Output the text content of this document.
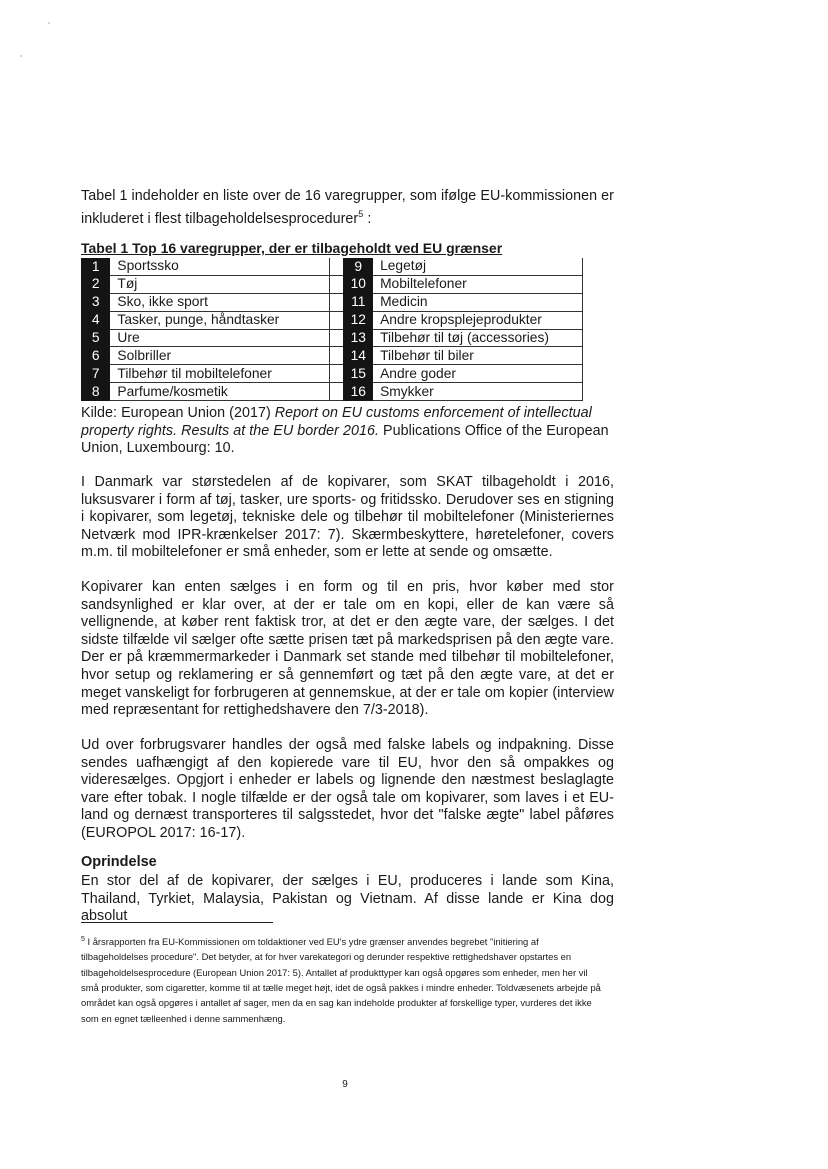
Tabel 1 indeholder en liste over de 16 varegrupper, som ifølge EU-kommissionen er inkluderet i flest tilbageholdelsesprocedurer$^5$ :

Tabel 1 Top 16 varegrupper, der er tilbageholdt ved EU grænser
1	Sportssko		9	Legetøj
2	Tøj		10	Mobiltelefoner
3	Sko, ikke sport		11	Medicin
4	Tasker, punge, håndtasker		12	Andre kropsplejeprodukter
5	Ure		13	Tilbehør til tøj (accessories)
6	Solbriller		14	Tilbehør til biler
7	Tilbehør til mobiltelefoner		15	Andre goder
8	Parfume/kosmetik		16	Smykker

Kilde: European Union (2017) Report on EU customs enforcement of intellectual property rights. Results at the EU border 2016. Publications Office of the European Union, Luxembourg: 10.

I Danmark var størstedelen af de kopivarer, som SKAT tilbageholdt i 2016, luksusvarer i form af tøj, tasker, ure sports- og fritidssko. Derudover ses en stigning i kopivarer, som legetøj, tekniske dele og tilbehør til mobiltelefoner (Ministeriernes Netværk mod IPR-krænkelser 2017: 7). Skærmbeskyttere, høretelefoner, covers m.m. til mobiltelefoner er små enheder, som er lette at sende og omsætte.

Kopivarer kan enten sælges i en form og til en pris, hvor køber med stor sandsynlighed er klar over, at der er tale om en kopi, eller de kan være så vellignende, at køber rent faktisk tror, at det er den ægte vare, der sælges. I det sidste tilfælde vil sælger ofte sætte prisen tæt på markedsprisen på den ægte vare. Der er på kræmmermarkeder i Danmark set stande med tilbehør til mobiltelefoner, hvor setup og reklamering er så gennemført og tæt på den ægte vare, at det er meget vanskeligt for forbrugeren at gennemskue, at der er tale om kopier (interview med repræsentant for rettighedshavere den 7/3-2018).

Ud over forbrugsvarer handles der også med falske labels og indpakning. Disse sendes uafhængigt af den kopierede vare til EU, hvor den så ompakkes og videresælges. Opgjort i enheder er labels og lignende den næstmest beslaglagte vare efter tobak. I nogle tilfælde er der også tale om kopivarer, som laves i et EU-land og dernæst transporteres til salgsstedet, hvor det "falske ægte" label påføres (EUROPOL 2017: 16-17).

Oprindelse

En stor del af de kopivarer, der sælges i EU, produceres i lande som Kina, Thailand, Tyrkiet, Malaysia, Pakistan og Vietnam. Af disse lande er Kina dog absolut

$^5$ I årsrapporten fra EU-Kommissionen om toldaktioner ved EU's ydre grænser anvendes begrebet "initiering af tilbageholdelses procedure". Det betyder, at for hver varekategori og derunder respektive rettighedshaver opstartes en tilbageholdelsesprocedure (European Union 2017: 5). Antallet af produkttyper kan også opgøres som enheder, men her vil små produkter, som cigaretter, komme til at tælle meget højt, idet de også pakkes i mindre enheder. Toldvæsenets arbejde på området kan også opgøres i antallet af sager, men da en sag kan indeholde produkter af forskellige typer, vurderes det ikke som en egnet tælleenhed i denne sammenhæng.

9
